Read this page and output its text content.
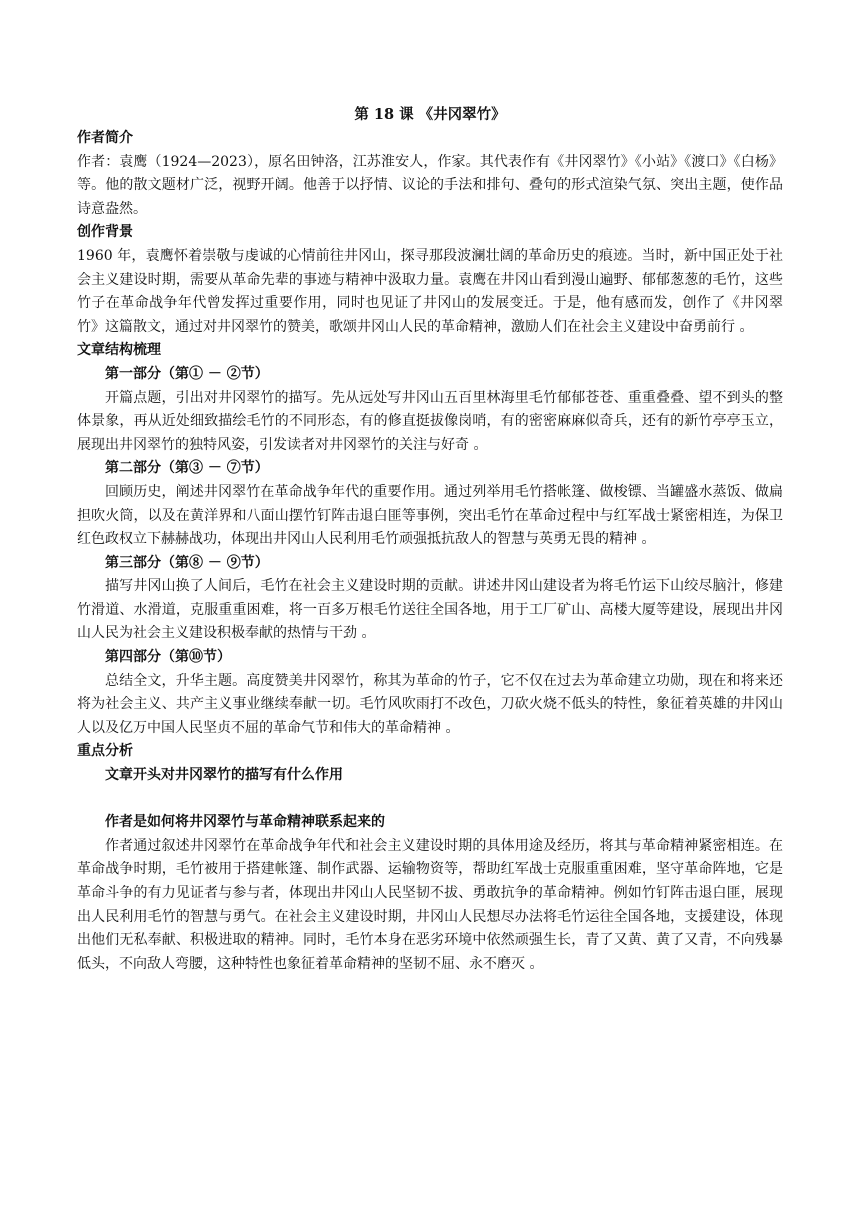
第 18 课 《井冈翠竹》

作者简介

作者：袁鹰（1924—2023），原名田钟洛，江苏淮安人，作家。其代表作有《井冈翠竹》《小站》《渡口》《白杨》等。他的散文题材广泛，视野开阔。他善于以抒情、议论的手法和排句、叠句的形式渲染气氛、突出主题，使作品诗意盎然。

创作背景

1960 年，袁鹰怀着崇敬与虔诚的心情前往井冈山，探寻那段波澜壮阔的革命历史的痕迹。当时，新中国正处于社会主义建设时期，需要从革命先辈的事迹与精神中汲取力量。袁鹰在井冈山看到漫山遍野、郁郁葱葱的毛竹，这些竹子在革命战争年代曾发挥过重要作用，同时也见证了井冈山的发展变迁。于是，他有感而发，创作了《井冈翠竹》这篇散文，通过对井冈翠竹的赞美，歌颂井冈山人民的革命精神，激励人们在社会主义建设中奋勇前行 。

文章结构梳理

第一部分（第① － ②节）

开篇点题，引出对井冈翠竹的描写。先从远处写井冈山五百里林海里毛竹郁郁苍苍、重重叠叠、望不到头的整体景象，再从近处细致描绘毛竹的不同形态，有的修直挺拔像岗哨，有的密密麻麻似奇兵，还有的新竹亭亭玉立，展现出井冈翠竹的独特风姿，引发读者对井冈翠竹的关注与好奇 。

第二部分（第③ － ⑦节）

回顾历史，阐述井冈翠竹在革命战争年代的重要作用。通过列举用毛竹搭帐篷、做梭镖、当罐盛水蒸饭、做扁担吹火筒，以及在黄洋界和八面山摆竹钉阵击退白匪等事例，突出毛竹在革命过程中与红军战士紧密相连，为保卫红色政权立下赫赫战功，体现出井冈山人民利用毛竹顽强抵抗敌人的智慧与英勇无畏的精神 。

第三部分（第⑧ － ⑨节）

描写井冈山换了人间后，毛竹在社会主义建设时期的贡献。讲述井冈山建设者为将毛竹运下山绞尽脑汁，修建竹滑道、水滑道，克服重重困难，将一百多万根毛竹送往全国各地，用于工厂矿山、高楼大厦等建设，展现出井冈山人民为社会主义建设积极奉献的热情与干劲 。

第四部分（第⑩节）

总结全文，升华主题。高度赞美井冈翠竹，称其为革命的竹子，它不仅在过去为革命建立功勋，现在和将来还将为社会主义、共产主义事业继续奉献一切。毛竹风吹雨打不改色，刀砍火烧不低头的特性，象征着英雄的井冈山人以及亿万中国人民坚贞不屈的革命气节和伟大的革命精神 。

重点分析

文章开头对井冈翠竹的描写有什么作用

作者是如何将井冈翠竹与革命精神联系起来的

作者通过叙述井冈翠竹在革命战争年代和社会主义建设时期的具体用途及经历，将其与革命精神紧密相连。在革命战争时期，毛竹被用于搭建帐篷、制作武器、运输物资等，帮助红军战士克服重重困难，坚守革命阵地，它是革命斗争的有力见证者与参与者，体现出井冈山人民坚韧不拔、勇敢抗争的革命精神。例如竹钉阵击退白匪，展现出人民利用毛竹的智慧与勇气。在社会主义建设时期，井冈山人民想尽办法将毛竹运往全国各地，支援建设，体现出他们无私奉献、积极进取的精神。同时，毛竹本身在恶劣环境中依然顽强生长，青了又黄、黄了又青，不向残暴低头，不向敌人弯腰，这种特性也象征着革命精神的坚韧不屈、永不磨灭 。
